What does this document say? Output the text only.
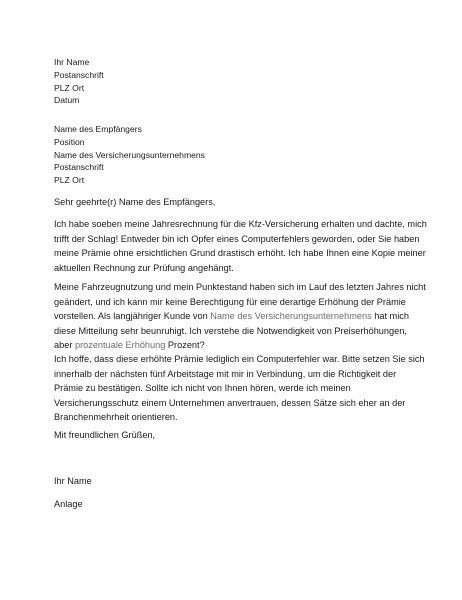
Ihr Name
Postanschrift
PLZ Ort
Datum
Name des Empfängers
Position
Name des Versicherungsunternehmens
Postanschrift
PLZ Ort
Sehr geehrte(r) Name des Empfängers,
Ich habe soeben meine Jahresrechnung für die Kfz-Versicherung erhalten und dachte, mich
trifft der Schlag! Entweder bin ich Opfer eines Computerfehlers geworden, oder Sie haben
meine Prämie ohne ersichtlichen Grund drastisch erhöht. Ich habe Ihnen eine Kopie meiner
aktuellen Rechnung zur Prüfung angehängt.
Meine Fahrzeugnutzung und mein Punktestand haben sich im Lauf des letzten Jahres nicht
geändert, und ich kann mir keine Berechtigung für eine derartige Erhöhung der Prämie
vorstellen. Als langjähriger Kunde von Name des Versicherungsunternehmens hat mich
diese Mitteilung sehr beunruhigt. Ich verstehe die Notwendigkeit von Preiserhöhungen,
aber prozentuale Erhöhung Prozent?
Ich hoffe, dass diese erhöhte Prämie lediglich ein Computerfehler war. Bitte setzen Sie sich
innerhalb der nächsten fünf Arbeitstage mit mir in Verbindung, um die Richtigkeit der
Prämie zu bestätigen. Sollte ich nicht von Ihnen hören, werde ich meinen
Versicherungsschutz einem Unternehmen anvertrauen, dessen Sätze sich eher an der
Branchenmehrheit orientieren.
Mit freundlichen Grüßen,
Ihr Name
Anlage
